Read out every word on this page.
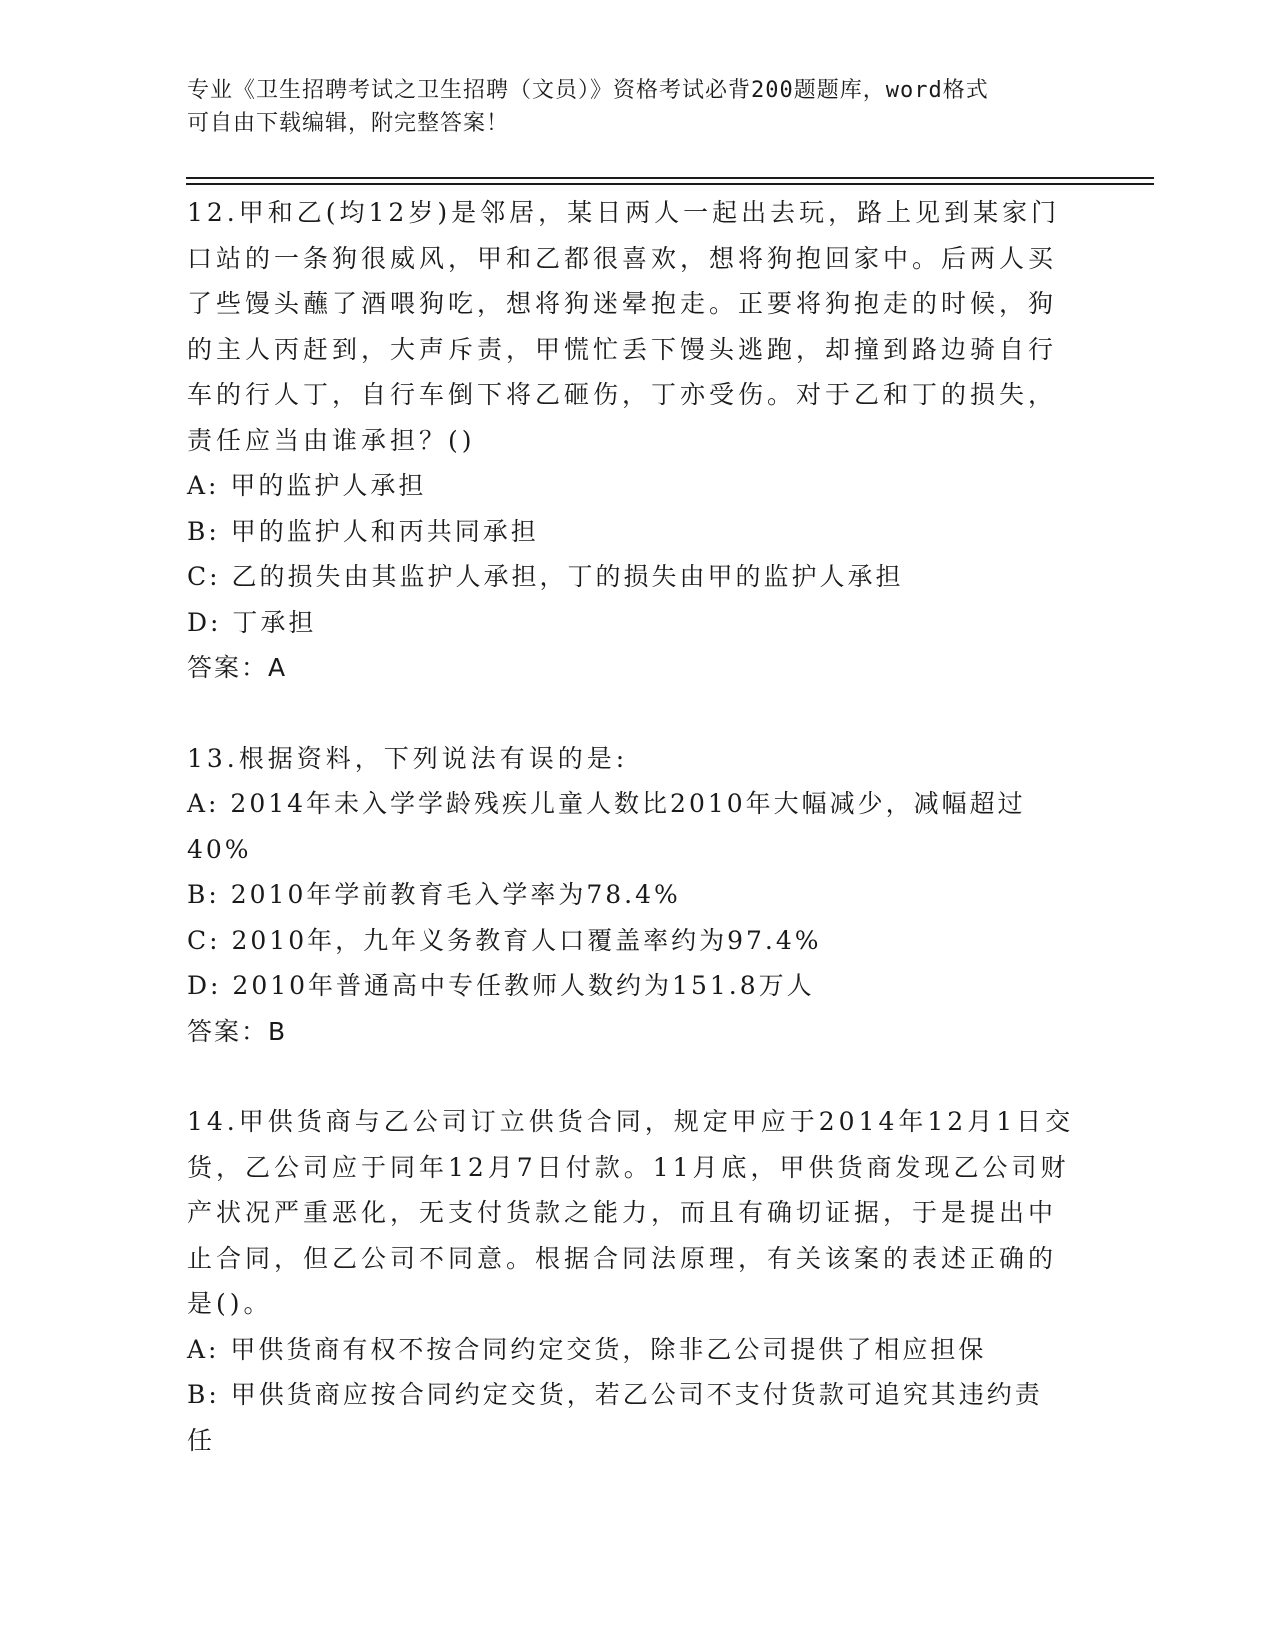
专业《卫生招聘考试之卫生招聘（文员）》资格考试必背200题题库，word格式
可自由下载编辑，附完整答案！
12.甲和乙(均12岁)是邻居，某日两人一起出去玩，路上见到某家门
口站的一条狗很威风，甲和乙都很喜欢，想将狗抱回家中。后两人买
了些馒头蘸了酒喂狗吃，想将狗迷晕抱走。正要将狗抱走的时候，狗
的主人丙赶到，大声斥责，甲慌忙丢下馒头逃跑，却撞到路边骑自行
车的行人丁，自行车倒下将乙砸伤，丁亦受伤。对于乙和丁的损失，
责任应当由谁承担？()
A: 甲的监护人承担
B: 甲的监护人和丙共同承担
C: 乙的损失由其监护人承担，丁的损失由甲的监护人承担
D: 丁承担
答案：A
13.根据资料，下列说法有误的是:
A: 2014年未入学学龄残疾儿童人数比2010年大幅减少，减幅超过
40%
B: 2010年学前教育毛入学率为78.4%
C: 2010年，九年义务教育人口覆盖率约为97.4%
D: 2010年普通高中专任教师人数约为151.8万人
答案：B
14.甲供货商与乙公司订立供货合同，规定甲应于2014年12月1日交
货，乙公司应于同年12月7日付款。11月底，甲供货商发现乙公司财
产状况严重恶化，无支付货款之能力，而且有确切证据，于是提出中
止合同，但乙公司不同意。根据合同法原理，有关该案的表述正确的
是()。
A: 甲供货商有权不按合同约定交货，除非乙公司提供了相应担保
B: 甲供货商应按合同约定交货，若乙公司不支付货款可追究其违约责
任
